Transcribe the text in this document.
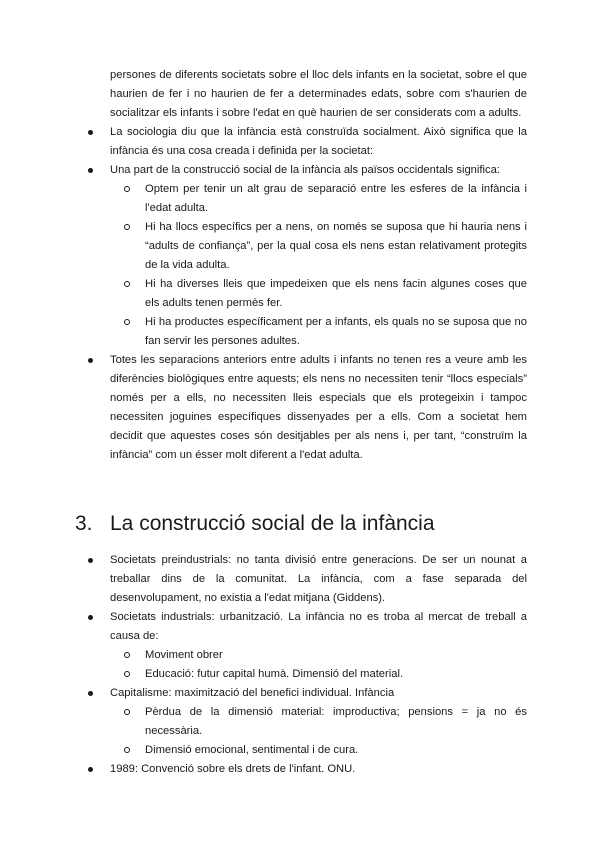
persones de diferents societats sobre el lloc dels infants en la societat, sobre el que haurien de fer i no haurien de fer a determinades edats, sobre com s'haurien de socialitzar els infants i sobre l'edat en què haurien de ser considerats com a adults.

La sociologia diu que la infància està construïda socialment. Això significa que la infància és una cosa creada i definida per la societat:
Una part de la construcció social de la infància als països occidentals significa:
Optem per tenir un alt grau de separació entre les esferes de la infància i l'edat adulta.
Hi ha llocs específics per a nens, on només se suposa que hi hauria nens i “adults de confiança”, per la qual cosa els nens estan relativament protegits de la vida adulta.
Hi ha diverses lleis que impedeixen que els nens facin algunes coses que els adults tenen permès fer.
Hi ha productes específicament per a infants, els quals no se suposa que no fan servir les persones adultes.
Totes les separacions anteriors entre adults i infants no tenen res a veure amb les diferències biològiques entre aquests; els nens no necessiten tenir “llocs especials” només per a ells, no necessiten lleis especials que els protegeixin i tampoc necessiten joguines específiques dissenyades per a ells. Com a societat hem decidit que aquestes coses són desitjables per als nens i, per tant, “construïm la infància” com un ésser molt diferent a l'edat adulta.
3. La construcció social de la infància
Societats preindustrials: no tanta divisió entre generacions. De ser un nounat a treballar dins de la comunitat. La infància, com a fase separada del desenvolupament, no existia a l'edat mitjana (Giddens).
Societats industrials: urbanització. La infància no es troba al mercat de treball a causa de:
Moviment obrer
Educació: futur capital humà. Dimensió del material.
Capitalisme: maximització del benefici individual. Infància
Pèrdua de la dimensió material: improductiva; pensions = ja no és necessària.
Dimensió emocional, sentimental i de cura.
1989: Convenció sobre els drets de l'infant. ONU.
